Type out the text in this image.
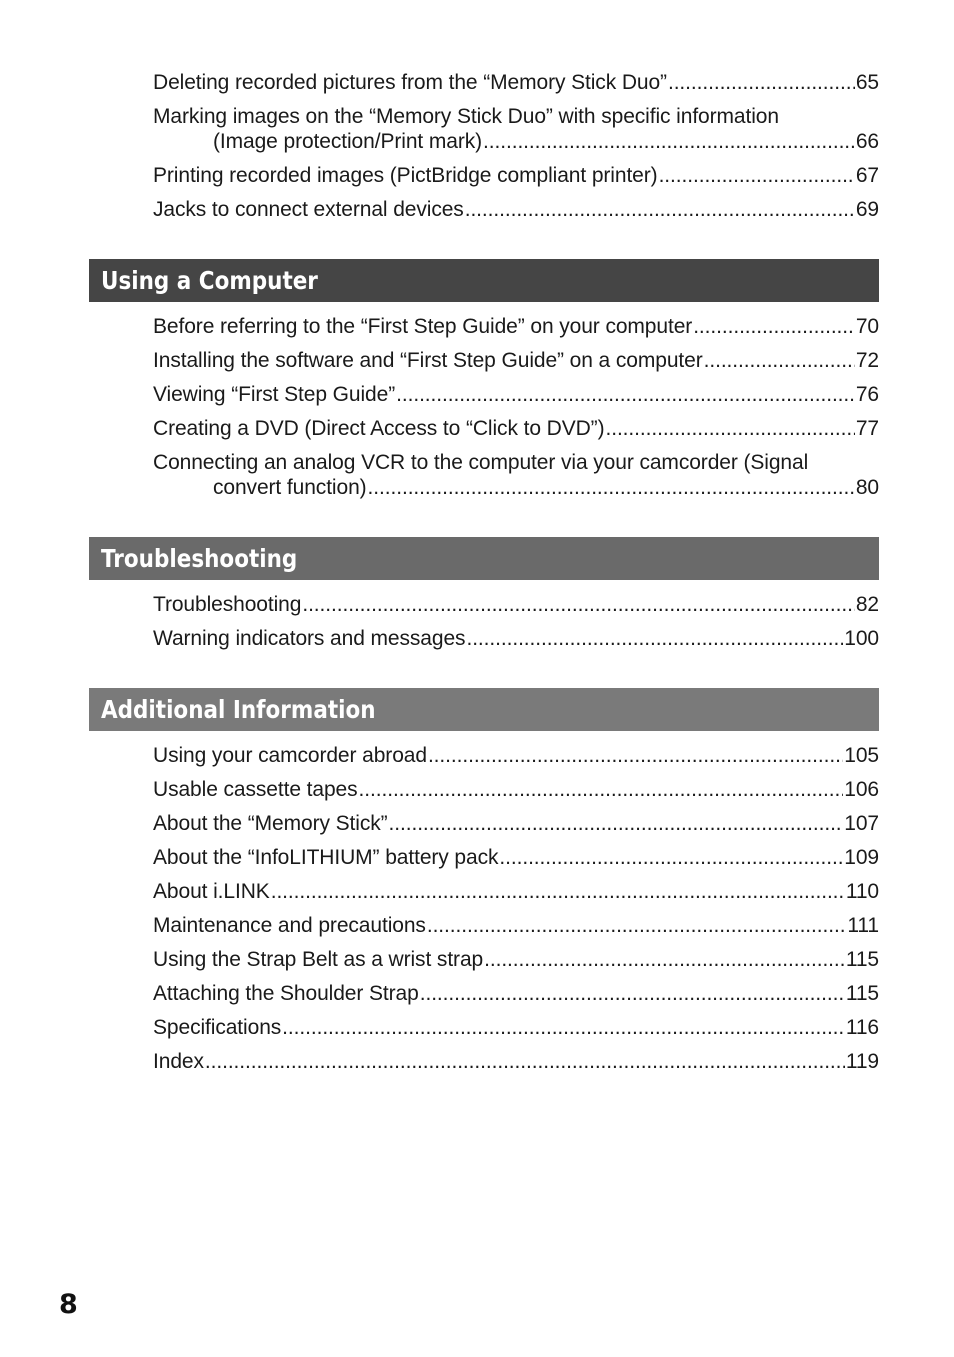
Deleting recorded pictures from the “Memory Stick Duo” .....	65
Marking images on the “Memory Stick Duo” with specific information
(Image protection/Print mark) .....	66
Printing recorded images (PictBridge compliant printer) .....	67
Jacks to connect external devices .....	69
Using a Computer
Before referring to the “First Step Guide” on your computer .....	70
Installing the software and “First Step Guide” on a computer .....	72
Viewing “First Step Guide” .....	76
Creating a DVD (Direct Access to “Click to DVD”) .....	77
Connecting an analog VCR to the computer via your camcorder (Signal
convert function) .....	80
Troubleshooting
Troubleshooting .....	82
Warning indicators and messages .....	100
Additional Information
Using your camcorder abroad .....	105
Usable cassette tapes .....	106
About the “Memory Stick” .....	107
About the “InfoLITHIUM” battery pack .....	109
About i.LINK .....	110
Maintenance and precautions .....	111
Using the Strap Belt as a wrist strap .....	115
Attaching the Shoulder Strap .....	115
Specifications .....	116
Index .....	119
8
